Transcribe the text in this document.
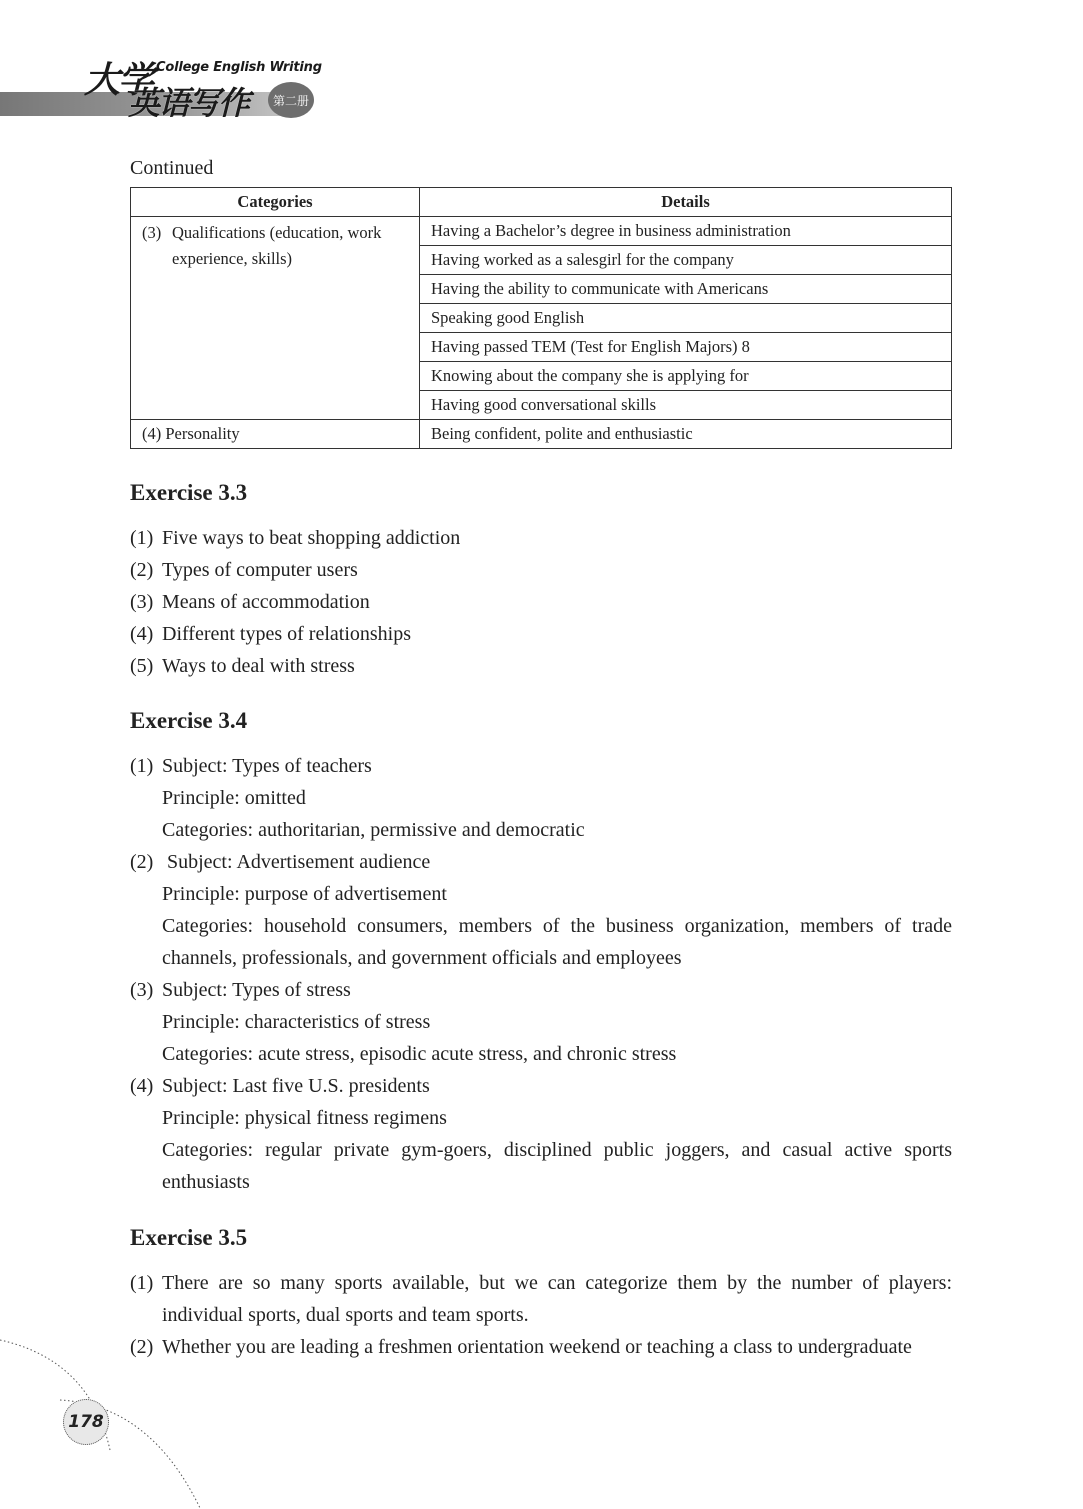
大学 College English Writing
英语写作	第二册
Continued
Categories	Details

(3) Qualifications (education, work experience, skills)	Having a Bachelor’s degree in business administration
	Having worked as a salesgirl for the company
	Having the ability to communicate with Americans
	Speaking good English
	Having passed TEM (Test for English Majors) 8
	Knowing about the company she is applying for
	Having good conversational skills
(4) Personality	Being confident, polite and enthusiastic
Exercise 3.3
(1) Five ways to beat shopping addiction
(2) Types of computer users
(3) Means of accommodation
(4) Different types of relationships
(5) Ways to deal with stress
Exercise 3.4
(1) Subject: Types of teachers
Principle: omitted
Categories: authoritarian, permissive and democratic
(2) Subject: Advertisement audience
Principle: purpose of advertisement
Categories: household consumers, members of the business organization, members of trade channels, professionals, and government officials and employees
(3) Subject: Types of stress
Principle: characteristics of stress
Categories: acute stress, episodic acute stress, and chronic stress
(4) Subject: Last five U.S. presidents
Principle: physical fitness regimens
Categories: regular private gym-goers, disciplined public joggers, and casual active sports enthusiasts
Exercise 3.5
(1) There are so many sports available, but we can categorize them by the number of players: individual sports, dual sports and team sports.
(2) Whether you are leading a freshmen orientation weekend or teaching a class to undergraduate
178
